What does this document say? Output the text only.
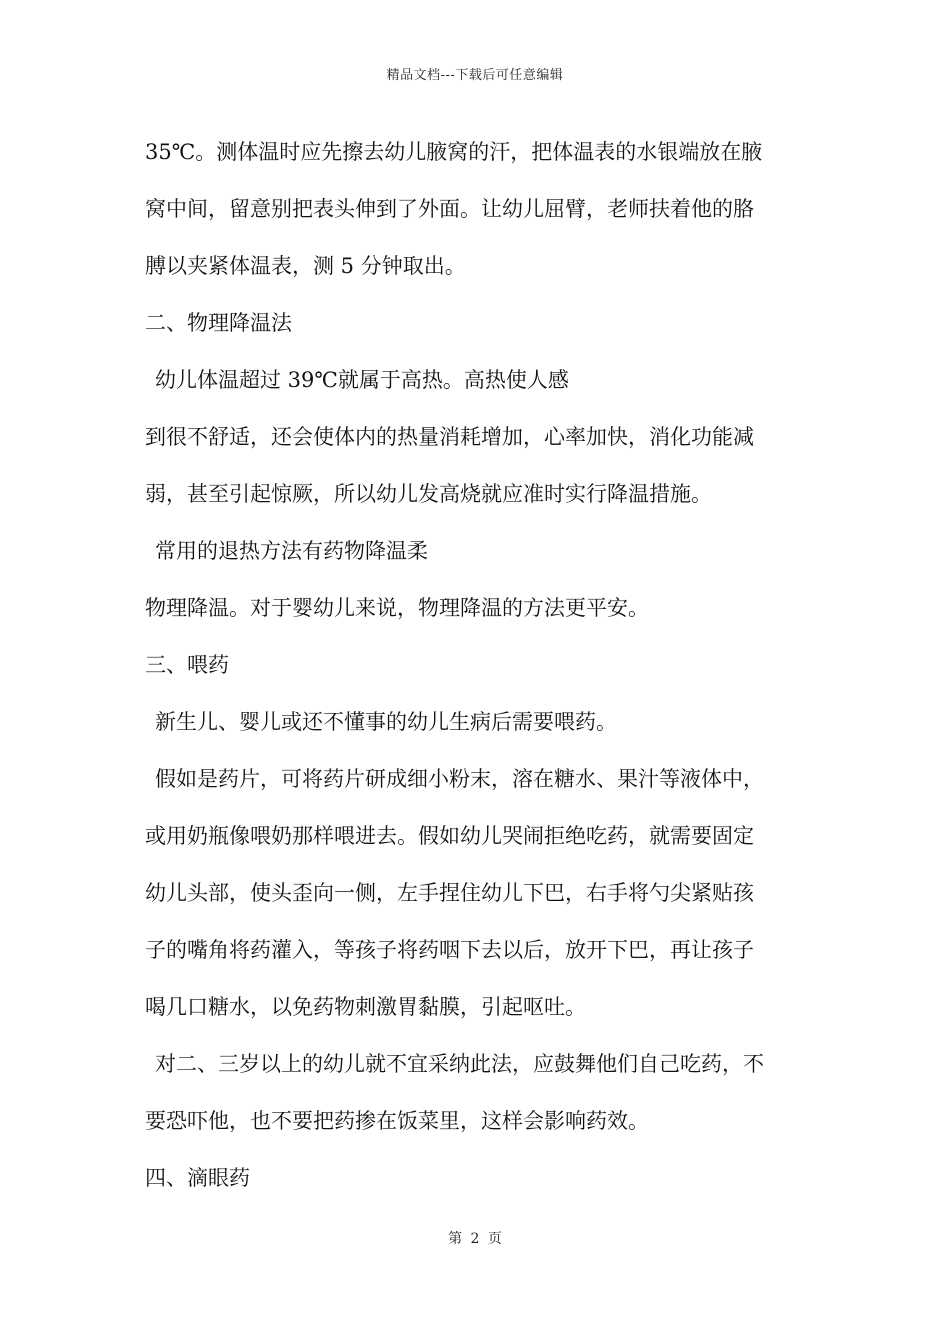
精品文档---下载后可任意编辑
35℃。测体温时应先擦去幼儿腋窝的汗，把体温表的水银端放在腋
窝中间，留意别把表头伸到了外面。让幼儿屈臂，老师扶着他的胳
膊以夹紧体温表，测 5 分钟取出。
二、物理降温法
幼儿体温超过 39℃就属于高热。高热使人感
到很不舒适，还会使体内的热量消耗增加，心率加快，消化功能减
弱，甚至引起惊厥，所以幼儿发高烧就应准时实行降温措施。
常用的退热方法有药物降温柔
物理降温。对于婴幼儿来说，物理降温的方法更平安。
三、喂药
新生儿、婴儿或还不懂事的幼儿生病后需要喂药。
假如是药片，可将药片研成细小粉末，溶在糖水、果汁等液体中，
或用奶瓶像喂奶那样喂进去。假如幼儿哭闹拒绝吃药，就需要固定
幼儿头部，使头歪向一侧，左手捏住幼儿下巴，右手将勺尖紧贴孩
子的嘴角将药灌入，等孩子将药咽下去以后，放开下巴，再让孩子
喝几口糖水，以免药物刺激胃黏膜，引起呕吐。
对二、三岁以上的幼儿就不宜采纳此法，应鼓舞他们自己吃药，不
要恐吓他，也不要把药掺在饭菜里，这样会影响药效。
四、滴眼药
第 2 页
